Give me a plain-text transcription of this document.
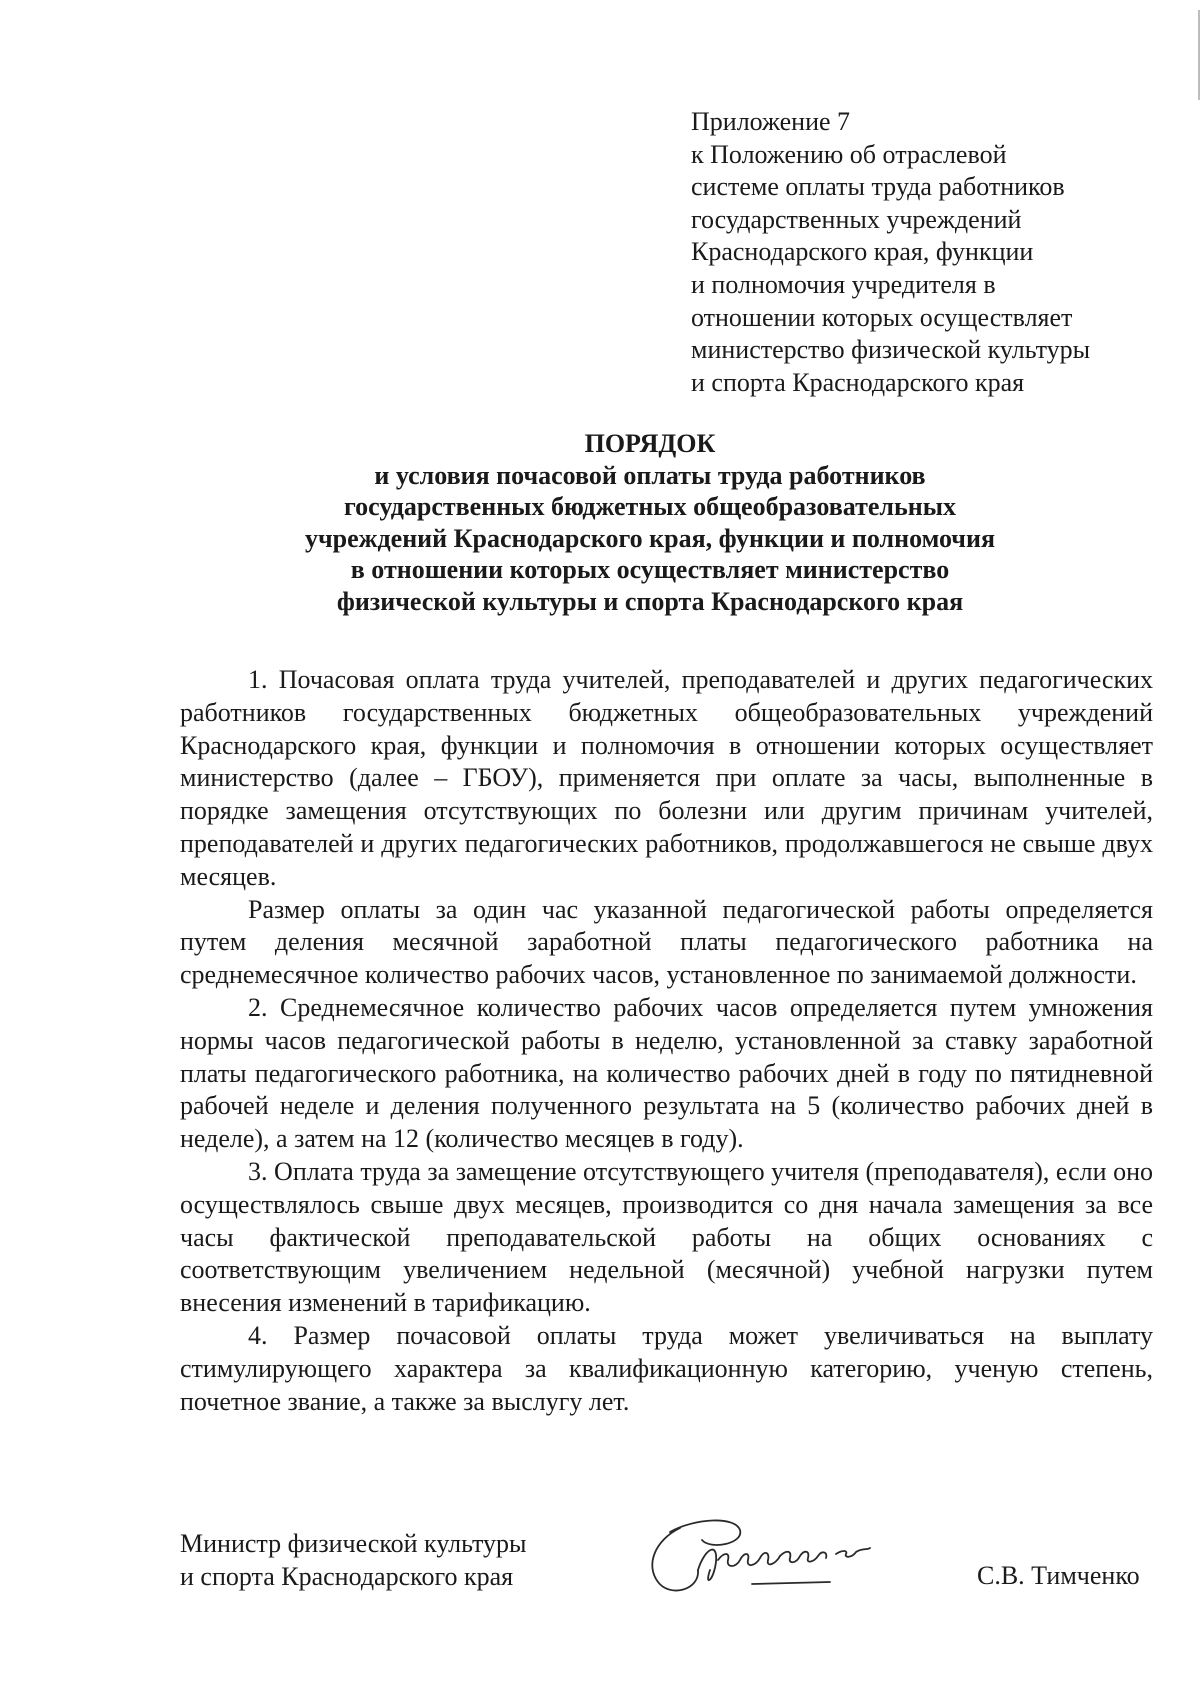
Приложение 7
к Положению об отраслевой
системе оплаты труда работников
государственных учреждений
Краснодарского края, функции
и полномочия учредителя в
отношении которых осуществляет
министерство физической культуры
и спорта Краснодарского края
ПОРЯДОК
и условия почасовой оплаты труда работников
государственных бюджетных общеобразовательных
учреждений Краснодарского края, функции и полномочия
в отношении которых осуществляет министерство
физической культуры и спорта Краснодарского края

1. Почасовая оплата труда учителей, преподавателей и других педагогических работников государственных бюджетных общеобразовательных учреждений Краснодарского края, функции и полномочия в отношении которых осуществляет министерство (далее – ГБОУ), применяется при оплате за часы, выполненные в порядке замещения отсутствующих по болезни или другим причинам учителей, преподавателей и других педагогических работников, продолжавшегося не свыше двух месяцев.

Размер оплаты за один час указанной педагогической работы определяется путем деления месячной заработной платы педагогического работника на среднемесячное количество рабочих часов, установленное по занимаемой должности.

2. Среднемесячное количество рабочих часов определяется путем умножения нормы часов педагогической работы в неделю, установленной за ставку заработной платы педагогического работника, на количество рабочих дней в году по пятидневной рабочей неделе и деления полученного результата на 5 (количество рабочих дней в неделе), а затем на 12 (количество месяцев в году).

3. Оплата труда за замещение отсутствующего учителя (преподавателя), если оно осуществлялось свыше двух месяцев, производится со дня начала замещения за все часы фактической преподавательской работы на общих основаниях с соответствующим увеличением недельной (месячной) учебной нагрузки путем внесения изменений в тарификацию.

4. Размер почасовой оплаты труда может увеличиваться на выплату стимулирующего характера за квалификационную категорию, ученую степень, почетное звание, а также за выслугу лет.

Министр физической культуры
и спорта Краснодарского края	С.В. Тимченко
